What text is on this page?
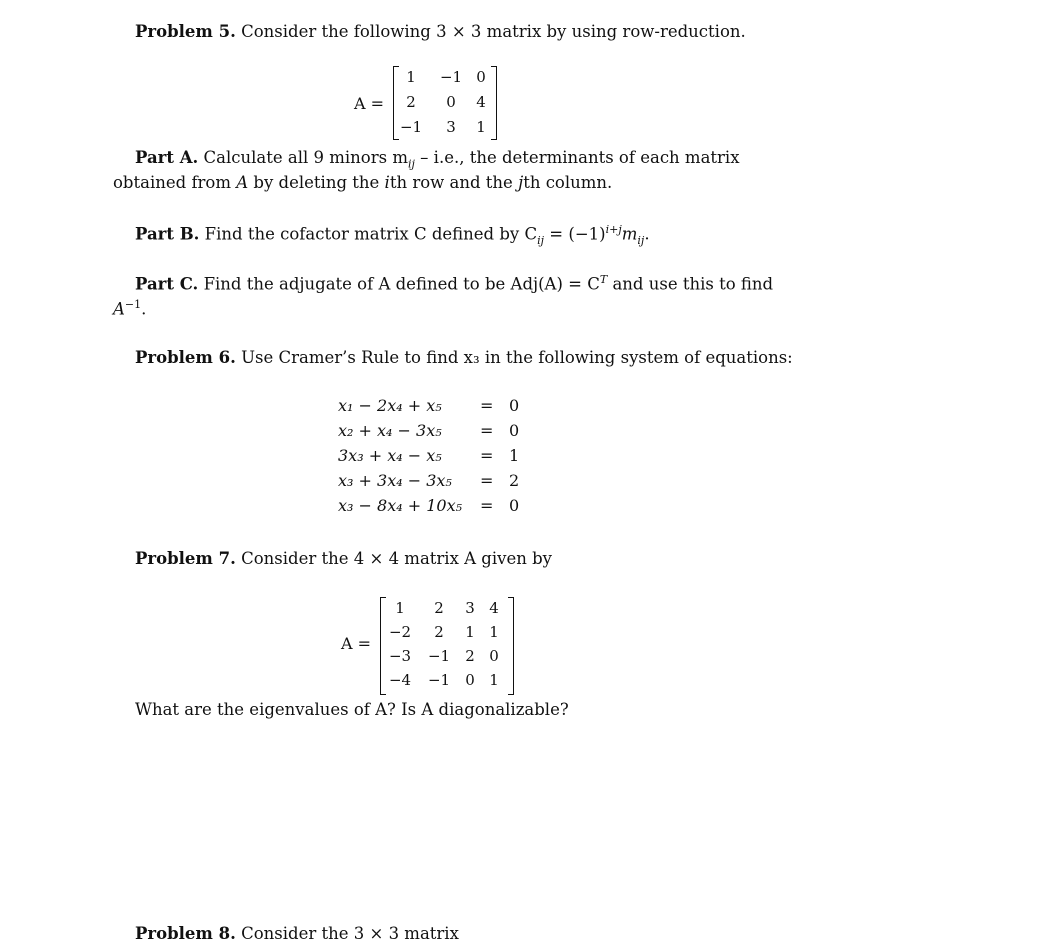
Problem 5. Consider the following 3 × 3 matrix by using row-reduction.
A =
1	−1 0
2	0	4
−1	3	1
Part A. Calculate all 9 minors $m_{ij} - i.e$., the determinants of each matrix
obtained from A by deleting the ith row and the jth column.
Part B. Find the cofactor matrix C defined by $C_{ij} = (-1)^{i+j}m_{ij}$.
Part C. Find the adjugate of A defined to be $Adj(A) = C^T$ and use this to find
$A^{-1}$.
Problem 6. Use Cramer’s Rule to find x₃ in the following system of equations:
x₁ − 2x₄ + x₅ = 0
x₂ + x₄ − 3x₅ = 0
3x₃ + x₄ − x₅ = 1
x₃ + 3x₄ − 3x₅ = 2
x₃ − 8x₄ + 10x₅ = 0
Problem 7. Consider the 4 × 4 matrix A given by
A =
1	2	3 4
−2	2	1 1
−3 −1	2 0
−4 −1	0 1
What are the eigenvalues of A? Is A diagonalizable?
Problem 8. Consider the 3 × 3 matrix
